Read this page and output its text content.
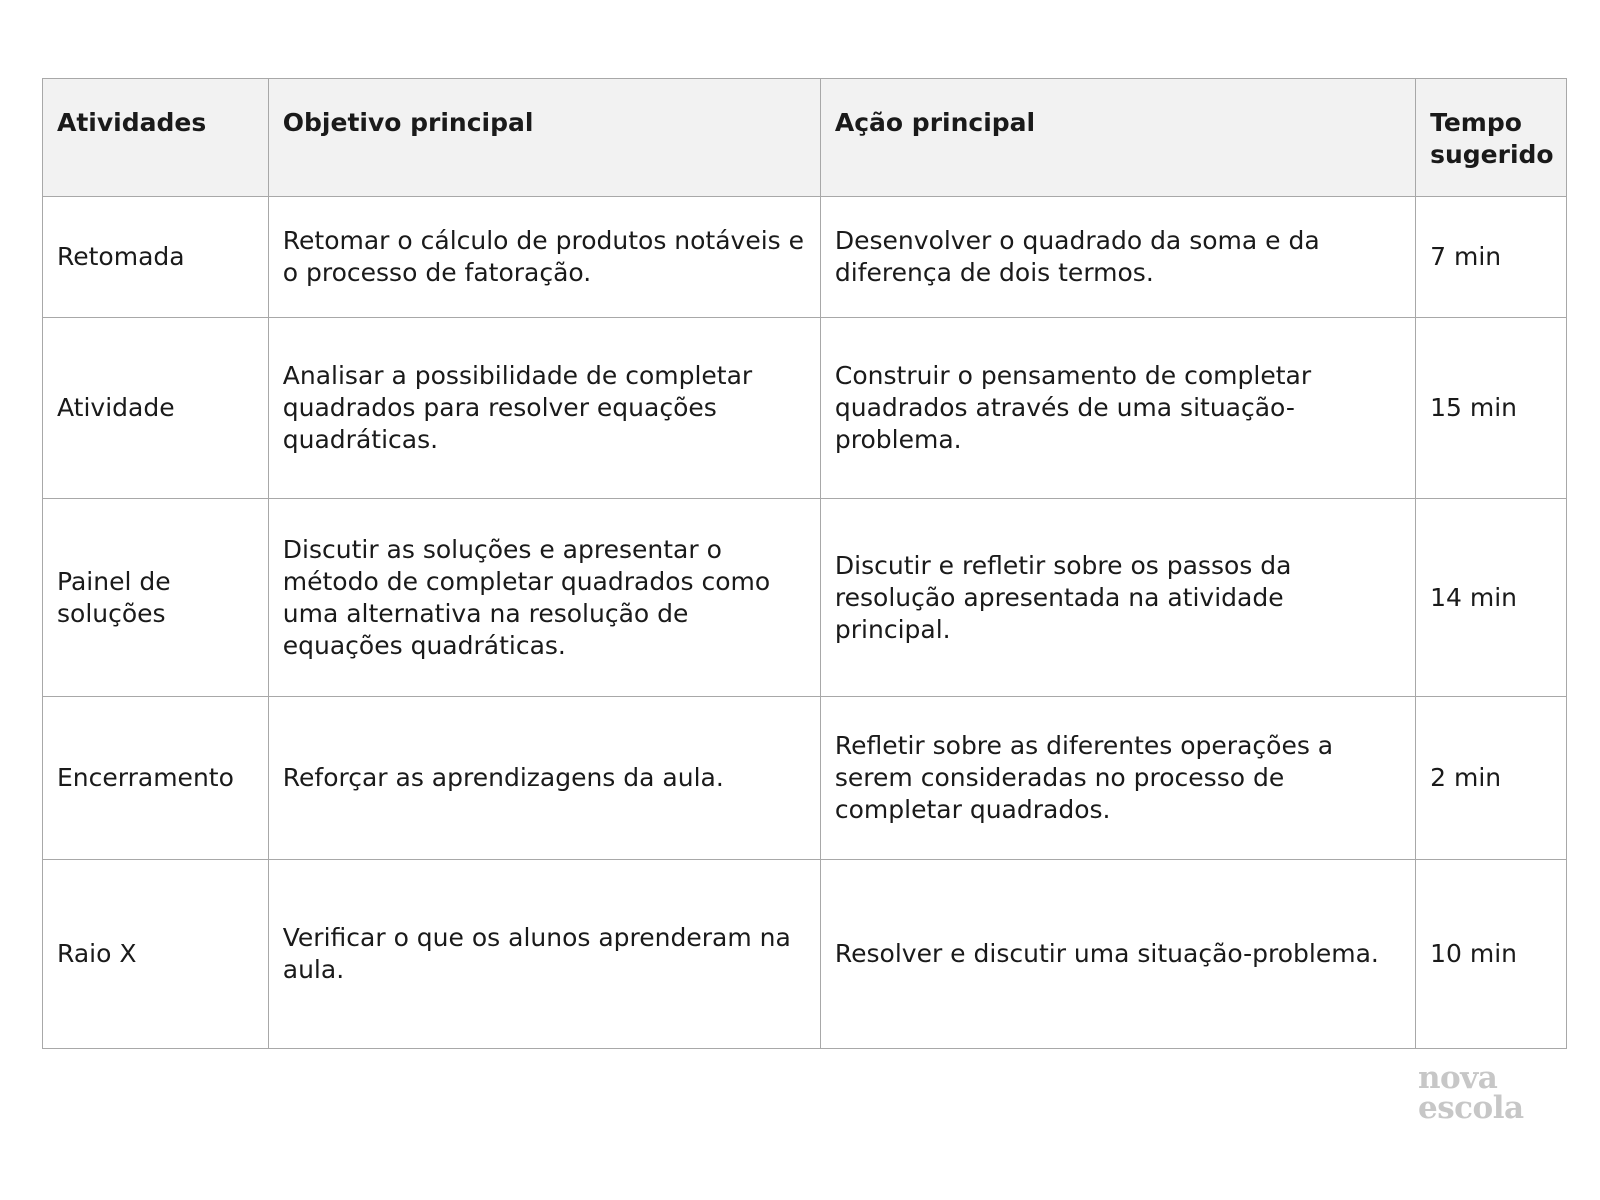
Atividades	Objetivo principal	Ação principal	Tempo sugerido
Retomada	Retomar o cálculo de produtos notáveis e o processo de fatoração.	Desenvolver o quadrado da soma e da diferença de dois termos.	7 min
Atividade	Analisar a possibilidade de completar quadrados para resolver equações quadráticas.	Construir o pensamento de completar quadrados através de uma situação-problema.	15 min
Painel de soluções	Discutir as soluções e apresentar o método de completar quadrados como uma alternativa na resolução de equações quadráticas.	Discutir e refletir sobre os passos da resolução apresentada na atividade principal.	14 min
Encerramento	Reforçar as aprendizagens da aula.	Refletir sobre as diferentes operações a serem consideradas no processo de completar quadrados.	2 min
Raio X	Verificar o que os alunos aprenderam na aula.	Resolver e discutir uma situação-problema.	10 min
nova
escola
